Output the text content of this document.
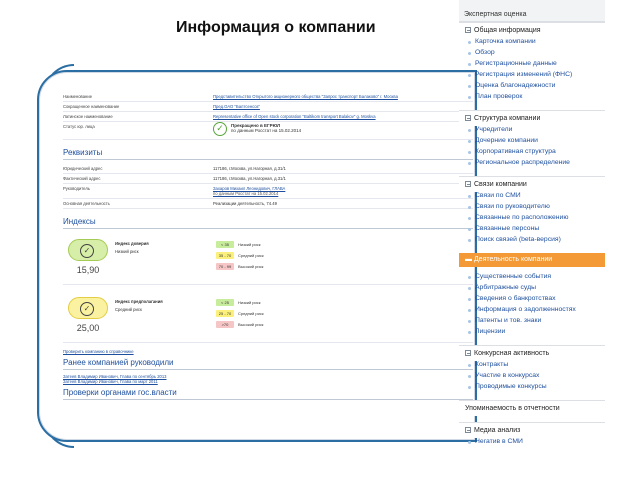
Информация о компании
Наименование	Представительство Открытого акционерного общества "Запрос транспорт Балаково" г. Москва
Сокращенное наименование	Пред.ОАО "Балтсенсоз"
Латинское наименование	Representative office of Open stock corporation "Baltikom transport Balakov" g. Moskva
Статус юр. лица	✓	Прекращено в ЕГРЮЛ
по данным Росстат на 15.02.2014
Реквизиты
Юридический адрес	117186, г.Москва, ул.Нагорная, д.31/1
Фактический адрес	117186, г.Москва, ул.Нагорная, д.31/1
Руководитель	Захаров Михаил Леонидович, ГЛАВА

по данным Росстат на 15.02.2014
Основная деятельность	Реализации деятельность, 74.49
Индексы
✓15,90
Индекс доверия
Низкий риск
< 35	Низкий риск
35 - 70	Средний риск
70 - 99	Высокий риск
✓25,00
Индекс предполагания
Средний риск
< 25	Низкий риск
25 - 70	Средний риск
>70	Высокий риск
Проверить компанию в справочнике
Ранее компанией руководили
Затеев Владимир Иванович, Глава по сентябрь 2013
Затеев Владимир Иванович, Глава по март 2011
Проверки органами гос.власти
Экспертная оценка
Общая информация
Карточка компании
Обзор
Регистрационные данные
Регистрация изменений (ФНС)
Оценка благонадежности
План проверок
Структура компании
Учредители
Дочерние компании
Корпоративная структура
Региональное распределение
Связи компании
Связи по СМИ
Связи по руководителю
Связанные по расположению
Связанные персоны
Поиск связей (beta-версия)
▬ Деятельность компании
Существенные события
Арбитражные суды
Сведения о банкротствах
Информация о задолженностях
Патенты и тов. знаки
Лицензии
Конкурсная активность
Контракты
Участие в конкурсах
Проводимые конкурсы
Упоминаемость в отчетности
Медиа анализ
Негатив в СМИ
